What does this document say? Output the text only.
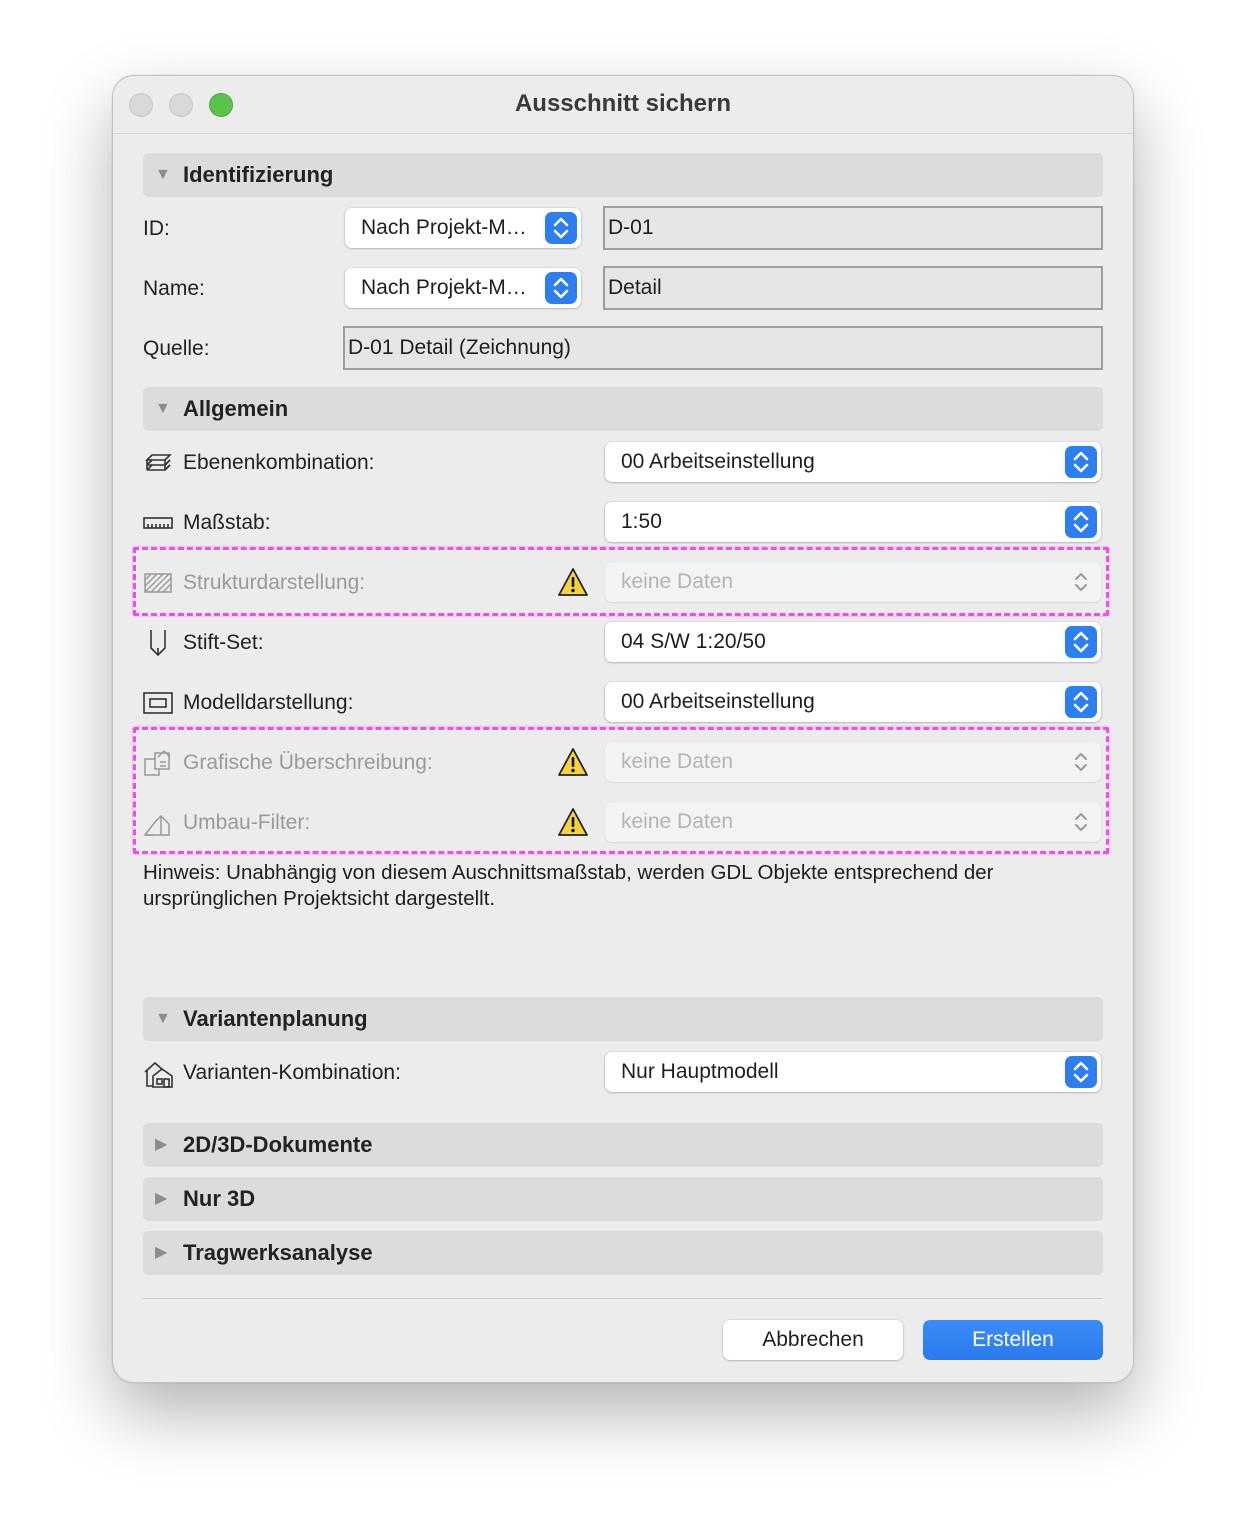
Ausschnitt sichern
▼ Identifizierung
ID:	Nach Projekt-M…	D-01
Name:	Nach Projekt-M…	Detail
Quelle:	D-01 Detail (Zeichnung)
▼ Allgemein
Ebenenkombination:	00 Arbeitseinstellung
Maßstab:	1:50
Strukturdarstellung:	keine Daten
Stift-Set:	04 S/W 1:20/50
Modelldarstellung:	00 Arbeitseinstellung
Grafische Überschreibung:	keine Daten
Umbau-Filter:	keine Daten
Hinweis: Unabhängig von diesem Auschnittsmaßstab, werden GDL Objekte entsprechend der ursprünglichen Projektsicht dargestellt.
▼ Variantenplanung
Varianten-Kombination:	Nur Hauptmodell
▶ 2D/3D-Dokumente
▶ Nur 3D
▶ Tragwerksanalyse
Abbrechen	Erstellen
